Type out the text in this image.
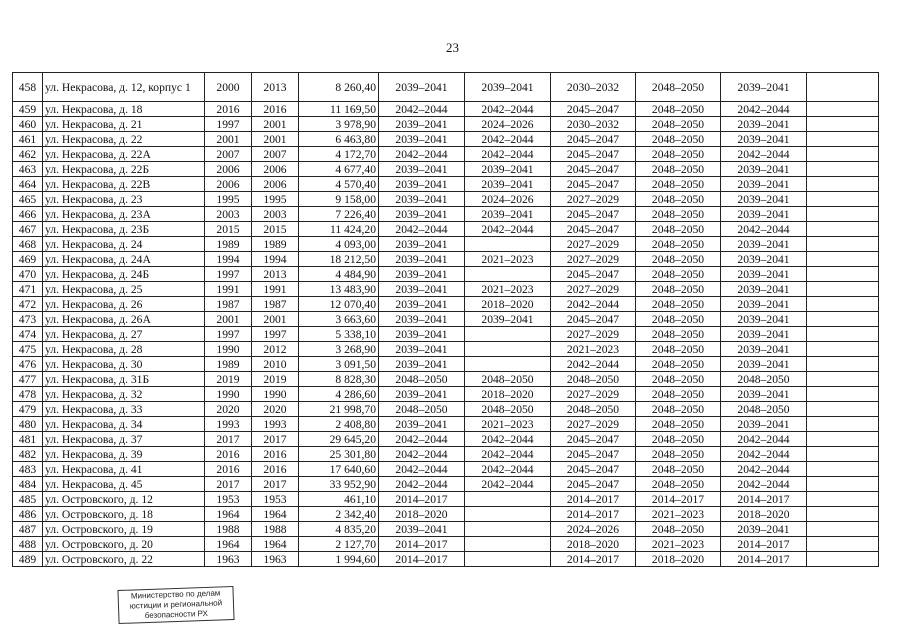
23
458	ул. Некрасова, д. 12, корпус 1	2000	2013	8 260,40	2039–2041	2039–2041	2030–2032	2048–2050	2039–2041	
459	ул. Некрасова, д. 18	2016	2016	11 169,50	2042–2044	2042–2044	2045–2047	2048–2050	2042–2044	
460	ул. Некрасова, д. 21	1997	2001	3 978,90	2039–2041	2024–2026	2030–2032	2048–2050	2039–2041	
461	ул. Некрасова, д. 22	2001	2001	6 463,80	2039–2041	2042–2044	2045–2047	2048–2050	2039–2041	
462	ул. Некрасова, д. 22А	2007	2007	4 172,70	2042–2044	2042–2044	2045–2047	2048–2050	2042–2044	
463	ул. Некрасова, д. 22Б	2006	2006	4 677,40	2039–2041	2039–2041	2045–2047	2048–2050	2039–2041	
464	ул. Некрасова, д. 22В	2006	2006	4 570,40	2039–2041	2039–2041	2045–2047	2048–2050	2039–2041	
465	ул. Некрасова, д. 23	1995	1995	9 158,00	2039–2041	2024–2026	2027–2029	2048–2050	2039–2041	
466	ул. Некрасова, д. 23А	2003	2003	7 226,40	2039–2041	2039–2041	2045–2047	2048–2050	2039–2041	
467	ул. Некрасова, д. 23Б	2015	2015	11 424,20	2042–2044	2042–2044	2045–2047	2048–2050	2042–2044	
468	ул. Некрасова, д. 24	1989	1989	4 093,00	2039–2041		2027–2029	2048–2050	2039–2041	
469	ул. Некрасова, д. 24А	1994	1994	18 212,50	2039–2041	2021–2023	2027–2029	2048–2050	2039–2041	
470	ул. Некрасова, д. 24Б	1997	2013	4 484,90	2039–2041		2045–2047	2048–2050	2039–2041	
471	ул. Некрасова, д. 25	1991	1991	13 483,90	2039–2041	2021–2023	2027–2029	2048–2050	2039–2041	
472	ул. Некрасова, д. 26	1987	1987	12 070,40	2039–2041	2018–2020	2042–2044	2048–2050	2039–2041	
473	ул. Некрасова, д. 26А	2001	2001	3 663,60	2039–2041	2039–2041	2045–2047	2048–2050	2039–2041	
474	ул. Некрасова, д. 27	1997	1997	5 338,10	2039–2041		2027–2029	2048–2050	2039–2041	
475	ул. Некрасова, д. 28	1990	2012	3 268,90	2039–2041		2021–2023	2048–2050	2039–2041	
476	ул. Некрасова, д. 30	1989	2010	3 091,50	2039–2041		2042–2044	2048–2050	2039–2041	
477	ул. Некрасова, д. 31Б	2019	2019	8 828,30	2048–2050	2048–2050	2048–2050	2048–2050	2048–2050	
478	ул. Некрасова, д. 32	1990	1990	4 286,60	2039–2041	2018–2020	2027–2029	2048–2050	2039–2041	
479	ул. Некрасова, д. 33	2020	2020	21 998,70	2048–2050	2048–2050	2048–2050	2048–2050	2048–2050	
480	ул. Некрасова, д. 34	1993	1993	2 408,80	2039–2041	2021–2023	2027–2029	2048–2050	2039–2041	
481	ул. Некрасова, д. 37	2017	2017	29 645,20	2042–2044	2042–2044	2045–2047	2048–2050	2042–2044	
482	ул. Некрасова, д. 39	2016	2016	25 301,80	2042–2044	2042–2044	2045–2047	2048–2050	2042–2044	
483	ул. Некрасова, д. 41	2016	2016	17 640,60	2042–2044	2042–2044	2045–2047	2048–2050	2042–2044	
484	ул. Некрасова, д. 45	2017	2017	33 952,90	2042–2044	2042–2044	2045–2047	2048–2050	2042–2044	
485	ул. Островского, д. 12	1953	1953	461,10	2014–2017		2014–2017	2014–2017	2014–2017	
486	ул. Островского, д. 18	1964	1964	2 342,40	2018–2020		2014–2017	2021–2023	2018–2020	
487	ул. Островского, д. 19	1988	1988	4 835,20	2039–2041		2024–2026	2048–2050	2039–2041	
488	ул. Островского, д. 20	1964	1964	2 127,70	2014–2017		2018–2020	2021–2023	2014–2017	
489	ул. Островского, д. 22	1963	1963	1 994,60	2014–2017		2014–2017	2018–2020	2014–2017	
Министерство по делам
юстиции и региональной
безопасности РХ
